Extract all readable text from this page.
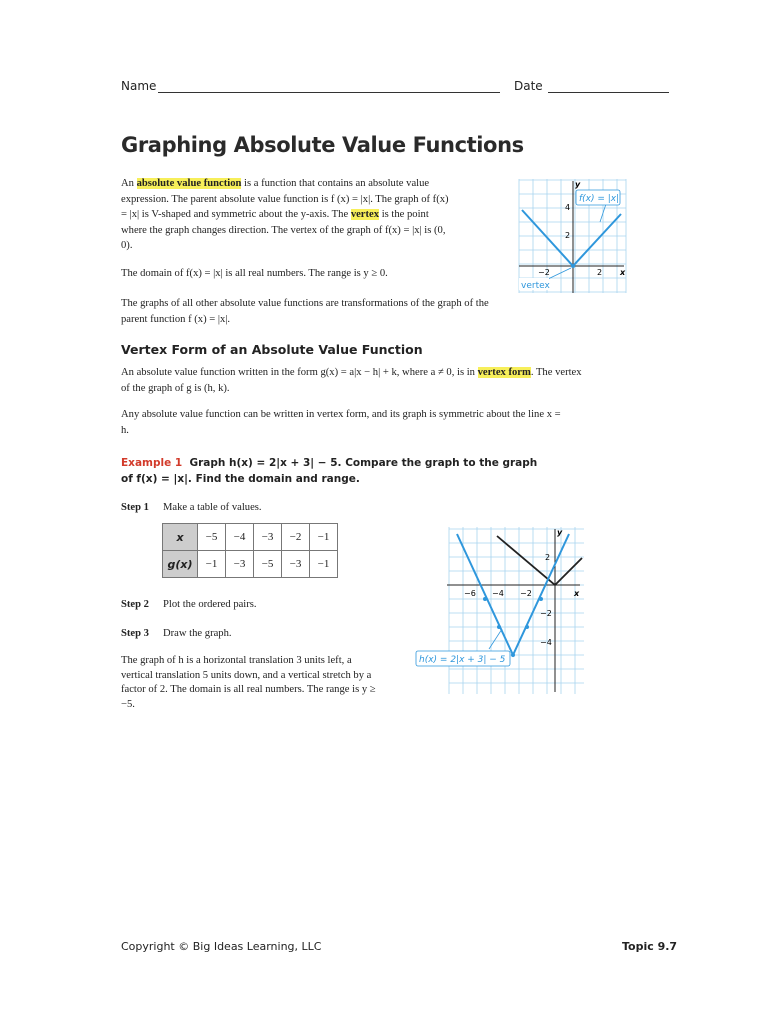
Name	Date
Graphing Absolute Value Functions
An absolute value function is a function that contains an absolute value expression. The parent absolute value function is f (x) = |x|. The graph of f(x) = |x| is V-shaped and symmetric about the y-axis. The vertex is the point where the graph changes direction. The vertex of the graph of f(x) = |x| is (0, 0).
The domain of f(x) = |x| is all real numbers. The range is y ≥ 0.
The graphs of all other absolute value functions are transformations of the graph of the parent function f (x) = |x|.
f(x) = |x|
y
x
4
2
−2	2
vertex
Vertex Form of an Absolute Value Function
An absolute value function written in the form g(x) = a|x − h| + k, where a ≠ 0, is in vertex form. The vertex of the graph of g is (h, k).
Any absolute value function can be written in vertex form, and its graph is symmetric about the line x = h.
Example 1 Graph h(x) = 2|x + 3| − 5. Compare the graph to the graph of f(x) = |x|. Find the domain and range.
Step 1 Make a table of values.
x	−5	−4	−3	−2	−1
g(x)	−1	−3	−5	−3	−1
Step 2 Plot the ordered pairs.
Step 3 Draw the graph.
The graph of h is a horizontal translation 3 units left, a vertical translation 5 units down, and a vertical stretch by a factor of 2. The domain is all real numbers. The range is y ≥ −5.
y
x
−6 −4 −2
2
−2
−4
h(x) = 2|x + 3| − 5
Copyright © Big Ideas Learning, LLC	Topic 9.7
